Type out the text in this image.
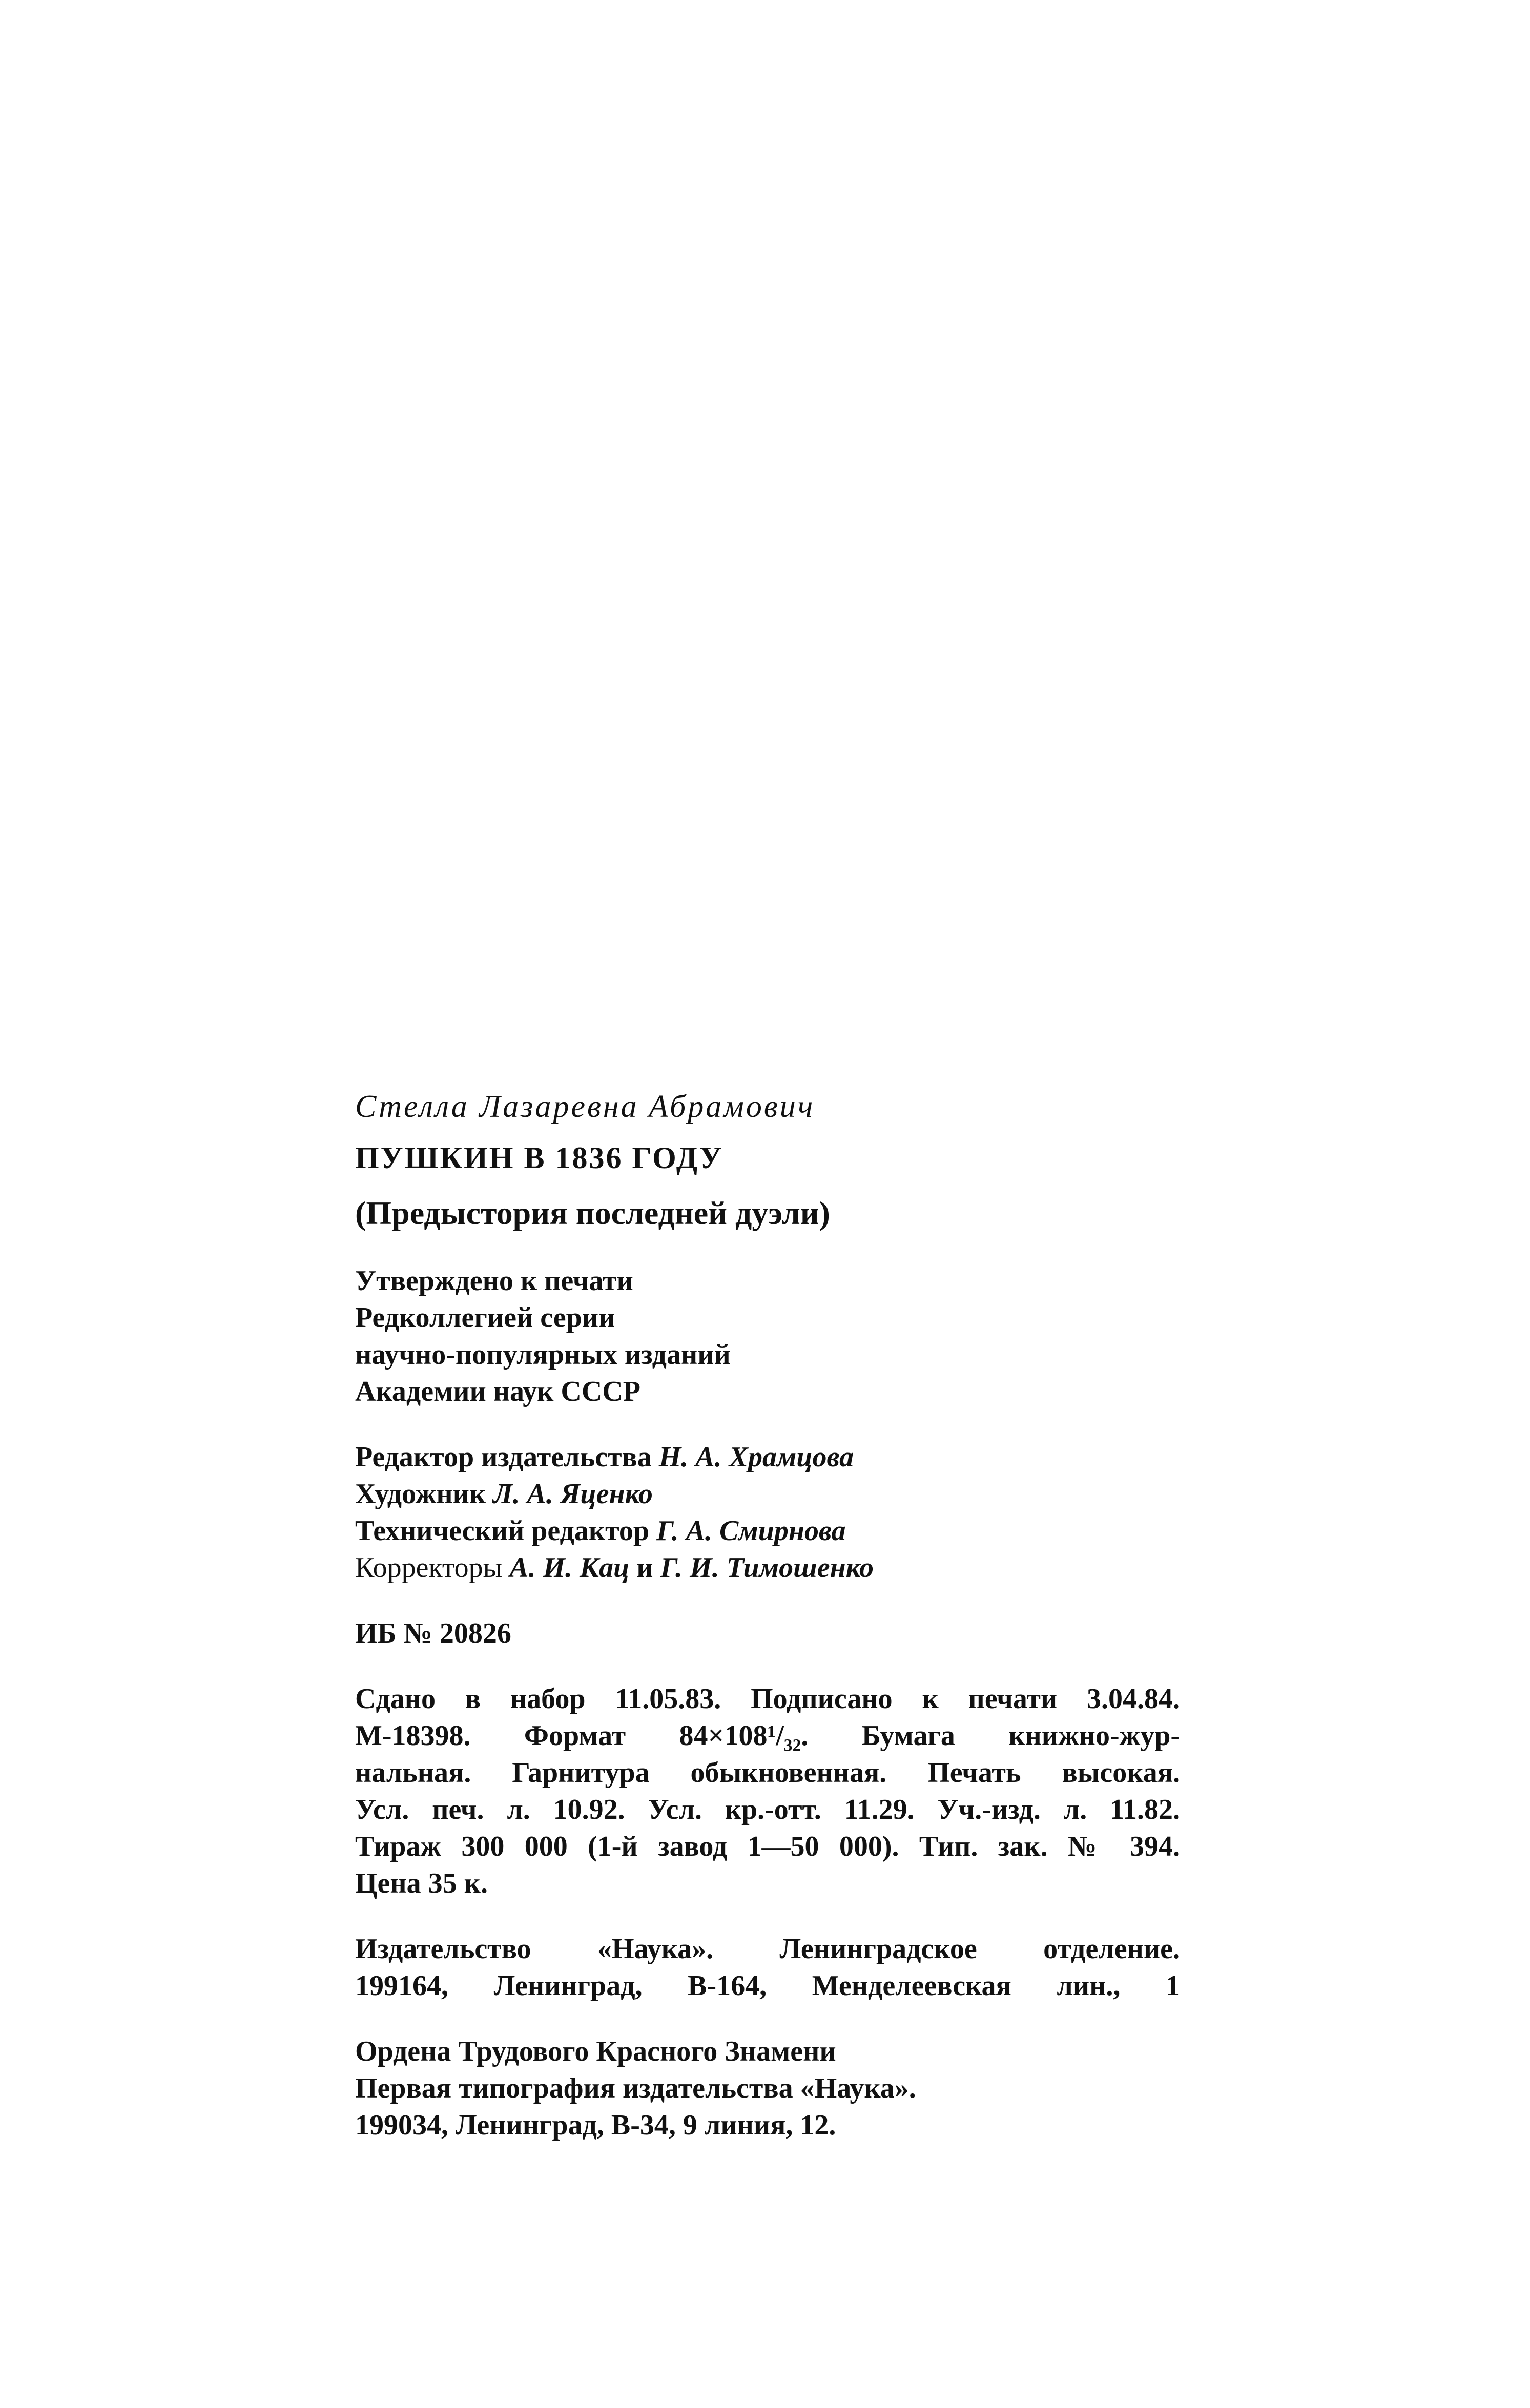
Стелла Лазаревна Абрамович
ПУШКИН В 1836 ГОДУ
(Предыстория последней дуэли)
Утверждено к печати
Редколлегией серии
научно-популярных изданий
Академии наук СССР
Редактор издательства Н. А. Храмцова
Художник Л. А. Яценко
Технический редактор Г. А. Смирнова
Корректоры А. И. Кац и Г. И. Тимошенко
ИБ № 20826
Сдано в набор 11.05.83. Подписано к печати 3.04.84.
М-18398. Формат 84×108¹/₃₂. Бумага книжно-жур-
нальная. Гарнитура обыкновенная. Печать высокая.
Усл. печ. л. 10.92. Усл. кр.-отт. 11.29. Уч.-изд. л. 11.82.
Тираж 300 000 (1-й завод 1—50 000). Тип. зак. № 394.
Цена 35 к.
Издательство «Наука». Ленинградское отделение.
199164, Ленинград, В-164, Менделеевская лин., 1
Ордена Трудового Красного Знамени
Первая типография издательства «Наука».
199034, Ленинград, В-34, 9 линия, 12.
